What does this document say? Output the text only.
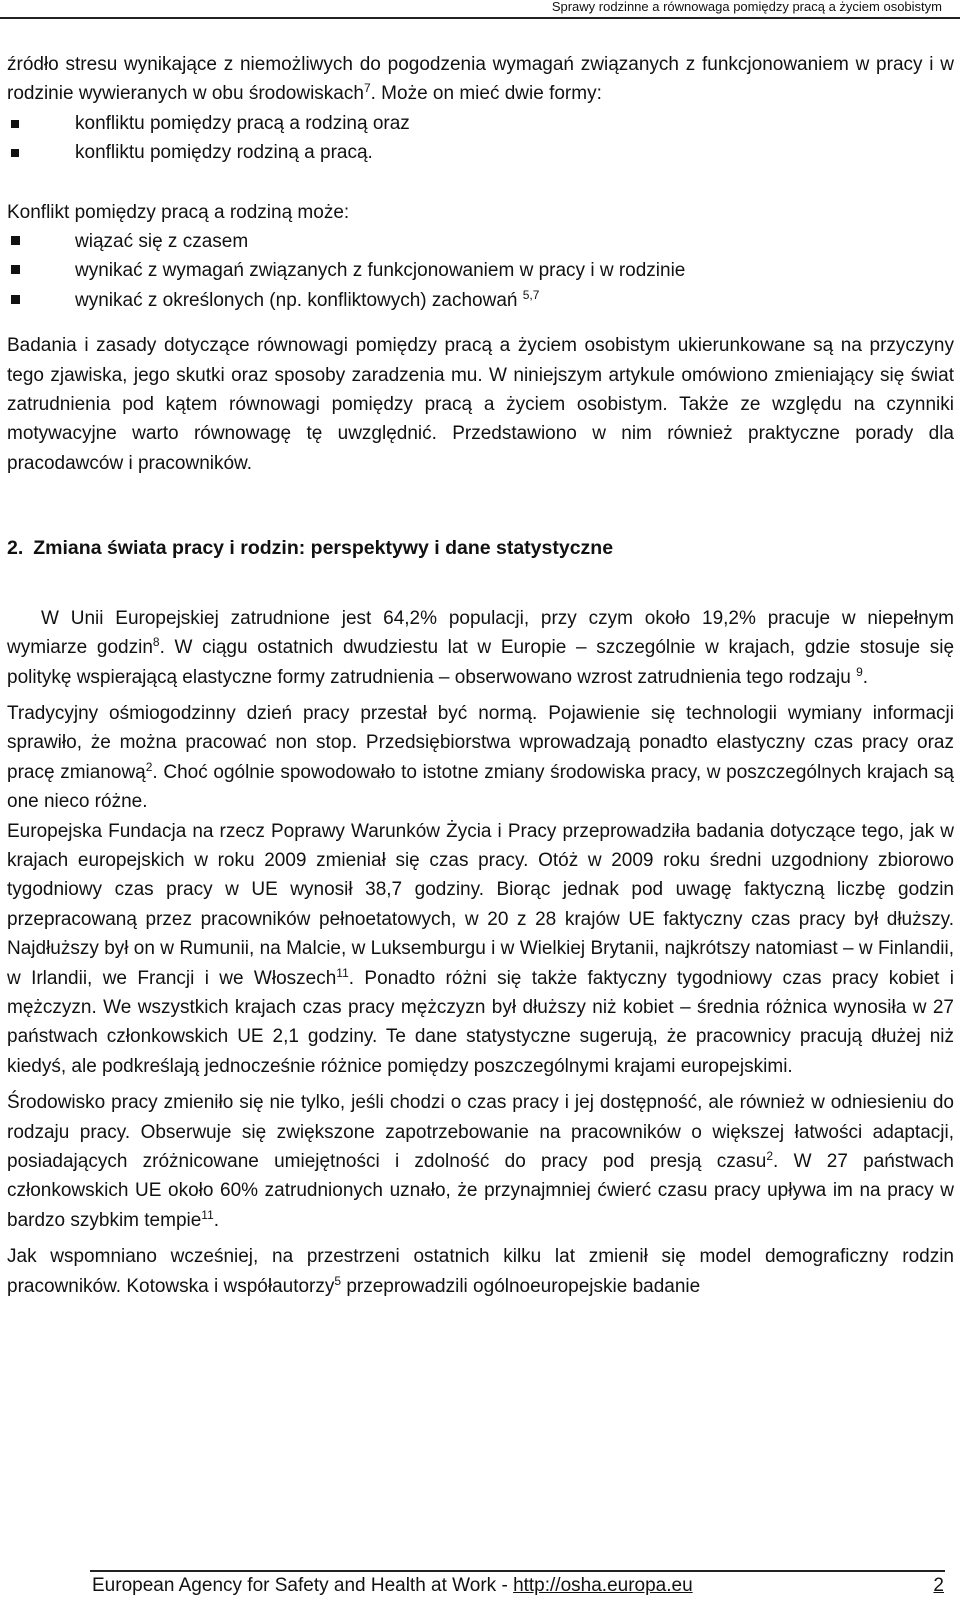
Sprawy rodzinne a równowaga pomiędzy pracą a życiem osobistym

źródło stresu wynikające z niemożliwych do pogodzenia wymagań związanych z funkcjonowaniem w pracy i w rodzinie wywieranych w obu środowiskach$^7$. Może on mieć dwie formy:

konfliktu pomiędzy pracą a rodziną oraz
konfliktu pomiędzy rodziną a pracą.

Konflikt pomiędzy pracą a rodziną może:

wiązać się z czasem
wynikać z wymagań związanych z funkcjonowaniem w pracy i w rodzinie
wynikać z określonych (np. konfliktowych) zachowań $^{5,7}$

Badania i zasady dotyczące równowagi pomiędzy pracą a życiem osobistym ukierunkowane są na przyczyny tego zjawiska, jego skutki oraz sposoby zaradzenia mu. W niniejszym artykule omówiono zmieniający się świat zatrudnienia pod kątem równowagi pomiędzy pracą a życiem osobistym. Także ze względu na czynniki motywacyjne warto równowagę tę uwzględnić. Przedstawiono w nim również praktyczne porady dla pracodawców i pracowników.

2. Zmiana świata pracy i rodzin: perspektywy i dane statystyczne

W Unii Europejskiej zatrudnione jest 64,2% populacji, przy czym około 19,2% pracuje w niepełnym wymiarze godzin$^8$. W ciągu ostatnich dwudziestu lat w Europie – szczególnie w krajach, gdzie stosuje się politykę wspierającą elastyczne formy zatrudnienia – obserwowano wzrost zatrudnienia tego rodzaju $^9$.

Tradycyjny ośmiogodzinny dzień pracy przestał być normą. Pojawienie się technologii wymiany informacji sprawiło, że można pracować non stop. Przedsiębiorstwa wprowadzają ponadto elastyczny czas pracy oraz pracę zmianową$^2$. Choć ogólnie spowodowało to istotne zmiany środowiska pracy, w poszczególnych krajach są one nieco różne.

Europejska Fundacja na rzecz Poprawy Warunków Życia i Pracy przeprowadziła badania dotyczące tego, jak w krajach europejskich w roku 2009 zmieniał się czas pracy. Otóż w 2009 roku średni uzgodniony zbiorowo tygodniowy czas pracy w UE wynosił 38,7 godziny. Biorąc jednak pod uwagę faktyczną liczbę godzin przepracowaną przez pracowników pełnoetatowych, w 20 z 28 krajów UE faktyczny czas pracy był dłuższy. Najdłuższy był on w Rumunii, na Malcie, w Luksemburgu i w Wielkiej Brytanii, najkrótszy natomiast – w Finlandii, w Irlandii, we Francji i we Włoszech$^{11}$. Ponadto różni się także faktyczny tygodniowy czas pracy kobiet i mężczyzn. We wszystkich krajach czas pracy mężczyzn był dłuższy niż kobiet – średnia różnica wynosiła w 27 państwach członkowskich UE 2,1 godziny. Te dane statystyczne sugerują, że pracownicy pracują dłużej niż kiedyś, ale podkreślają jednocześnie różnice pomiędzy poszczególnymi krajami europejskimi.

Środowisko pracy zmieniło się nie tylko, jeśli chodzi o czas pracy i jej dostępność, ale również w odniesieniu do rodzaju pracy. Obserwuje się zwiększone zapotrzebowanie na pracowników o większej łatwości adaptacji, posiadających zróżnicowane umiejętności i zdolność do pracy pod presją czasu$^2$. W 27 państwach członkowskich UE około 60% zatrudnionych uznało, że przynajmniej ćwierć czasu pracy upływa im na pracy w bardzo szybkim tempie$^{11}$.

Jak wspomniano wcześniej, na przestrzeni ostatnich kilku lat zmienił się model demograficzny rodzin pracowników. Kotowska i współautorzy$^5$ przeprowadzili ogólnoeuropejskie badanie

European Agency for Safety and Health at Work - http://osha.europa.eu	2
